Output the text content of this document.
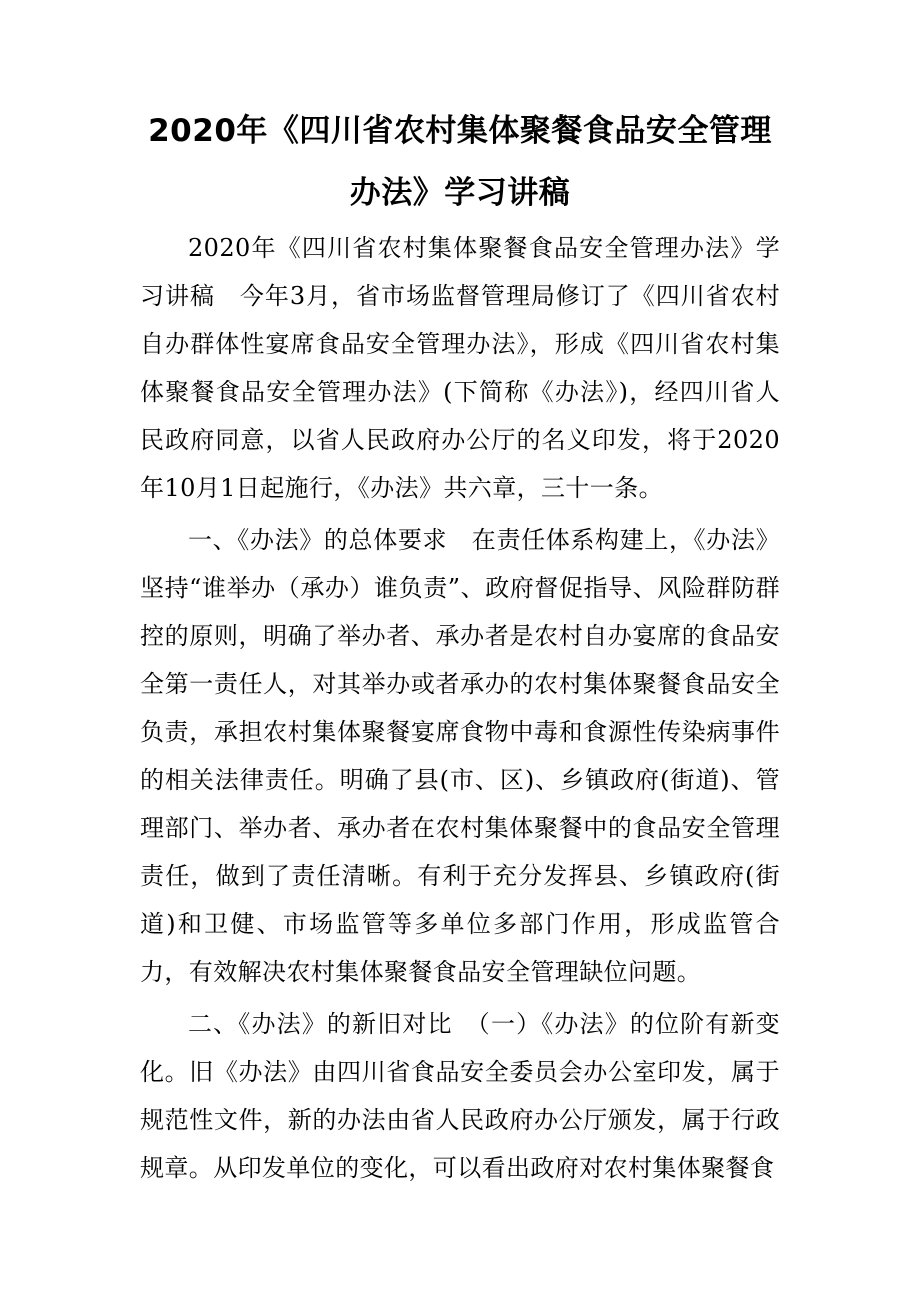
2020年《四川省农村集体聚餐食品安全管理办法》学习讲稿

2020年《四川省农村集体聚餐食品安全管理办法》学习讲稿　今年3月，省市场监督管理局修订了《四川省农村自办群体性宴席食品安全管理办法》，形成《四川省农村集体聚餐食品安全管理办法》(下简称《办法》)，经四川省人民政府同意，以省人民政府办公厅的名义印发，将于2020年10月1日起施行，《办法》共六章，三十一条。

一、《办法》的总体要求　在责任体系构建上，《办法》坚持“谁举办（承办）谁负责”、政府督促指导、风险群防群控的原则，明确了举办者、承办者是农村自办宴席的食品安全第一责任人，对其举办或者承办的农村集体聚餐食品安全负责，承担农村集体聚餐宴席食物中毒和食源性传染病事件的相关法律责任。明确了县(市、区)、乡镇政府(街道)、管理部门、举办者、承办者在农村集体聚餐中的食品安全管理责任，做到了责任清晰。有利于充分发挥县、乡镇政府(街道)和卫健、市场监管等多单位多部门作用，形成监管合力，有效解决农村集体聚餐食品安全管理缺位问题。

二、《办法》的新旧对比　（一）《办法》的位阶有新变化。旧《办法》由四川省食品安全委员会办公室印发，属于规范性文件，新的办法由省人民政府办公厅颁发，属于行政规章。从印发单位的变化，可以看出政府对农村集体聚餐食
